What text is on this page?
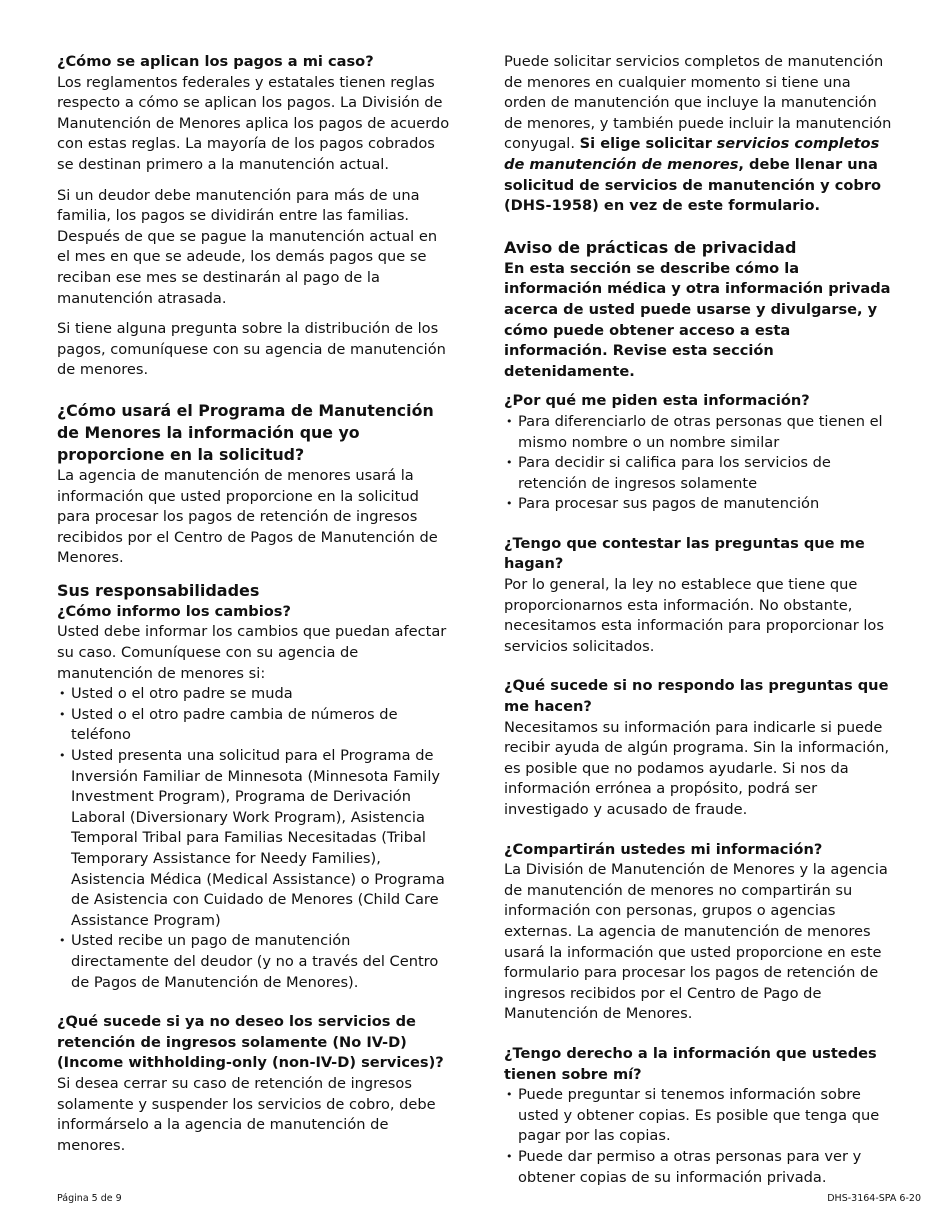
¿Cómo se aplican los pagos a mi caso?

Los reglamentos federales y estatales tienen reglas respecto a cómo se aplican los pagos. La División de Manutención de Menores aplica los pagos de acuerdo con estas reglas. La mayoría de los pagos cobrados se destinan primero a la manutención actual.

Si un deudor debe manutención para más de una familia, los pagos se dividirán entre las familias. Después de que se pague la manutención actual en el mes en que se adeude, los demás pagos que se reciban ese mes se destinarán al pago de la manutención atrasada.

Si tiene alguna pregunta sobre la distribución de los pagos, comuníquese con su agencia de manutención de menores.

¿Cómo usará el Programa de Manutención de Menores la información que yo proporcione en la solicitud?

La agencia de manutención de menores usará la información que usted proporcione en la solicitud para procesar los pagos de retención de ingresos recibidos por el Centro de Pagos de Manutención de Menores.

Sus responsabilidades
¿Cómo informo los cambios?

Usted debe informar los cambios que puedan afectar su caso. Comuníquese con su agencia de manutención de menores si:

• Usted o el otro padre se muda
• Usted o el otro padre cambia de números de teléfono
• Usted presenta una solicitud para el Programa de Inversión Familiar de Minnesota (Minnesota Family Investment Program), Programa de Derivación Laboral (Diversionary Work Program), Asistencia Temporal Tribal para Familias Necesitadas (Tribal Temporary Assistance for Needy Families), Asistencia Médica (Medical Assistance) o Programa de Asistencia con Cuidado de Menores (Child Care Assistance Program)
• Usted recibe un pago de manutención directamente del deudor (y no a través del Centro de Pagos de Manutención de Menores).
¿Qué sucede si ya no deseo los servicios de retención de ingresos solamente (No IV-D) (Income withholding-only (non-IV-D) services)?

Si desea cerrar su caso de retención de ingresos solamente y suspender los servicios de cobro, debe informárselo a la agencia de manutención de menores.

Puede solicitar servicios completos de manutención de menores en cualquier momento si tiene una orden de manutención que incluye la manutención de menores, y también puede incluir la manutención conyugal. Si elige solicitar servicios completos de manutención de menores, debe llenar una solicitud de servicios de manutención y cobro (DHS-1958) en vez de este formulario.

Aviso de prácticas de privacidad

En esta sección se describe cómo la información médica y otra información privada acerca de usted puede usarse y divulgarse, y cómo puede obtener acceso a esta información. Revise esta sección detenidamente.

¿Por qué me piden esta información?
• Para diferenciarlo de otras personas que tienen el mismo nombre o un nombre similar
• Para decidir si califica para los servicios de retención de ingresos solamente
• Para procesar sus pagos de manutención
¿Tengo que contestar las preguntas que me hagan?

Por lo general, la ley no establece que tiene que proporcionarnos esta información. No obstante, necesitamos esta información para proporcionar los servicios solicitados.

¿Qué sucede si no respondo las preguntas que me hacen?

Necesitamos su información para indicarle si puede recibir ayuda de algún programa. Sin la información, es posible que no podamos ayudarle. Si nos da información errónea a propósito, podrá ser investigado y acusado de fraude.

¿Compartirán ustedes mi información?

La División de Manutención de Menores y la agencia de manutención de menores no compartirán su información con personas, grupos o agencias externas. La agencia de manutención de menores usará la información que usted proporcione en este formulario para procesar los pagos de retención de ingresos recibidos por el Centro de Pago de Manutención de Menores.

¿Tengo derecho a la información que ustedes tienen sobre mí?
• Puede preguntar si tenemos información sobre usted y obtener copias. Es posible que tenga que pagar por las copias.
• Puede dar permiso a otras personas para ver y obtener copias de su información privada.
Página 5 de 9	DHS-3164-SPA 6-20
